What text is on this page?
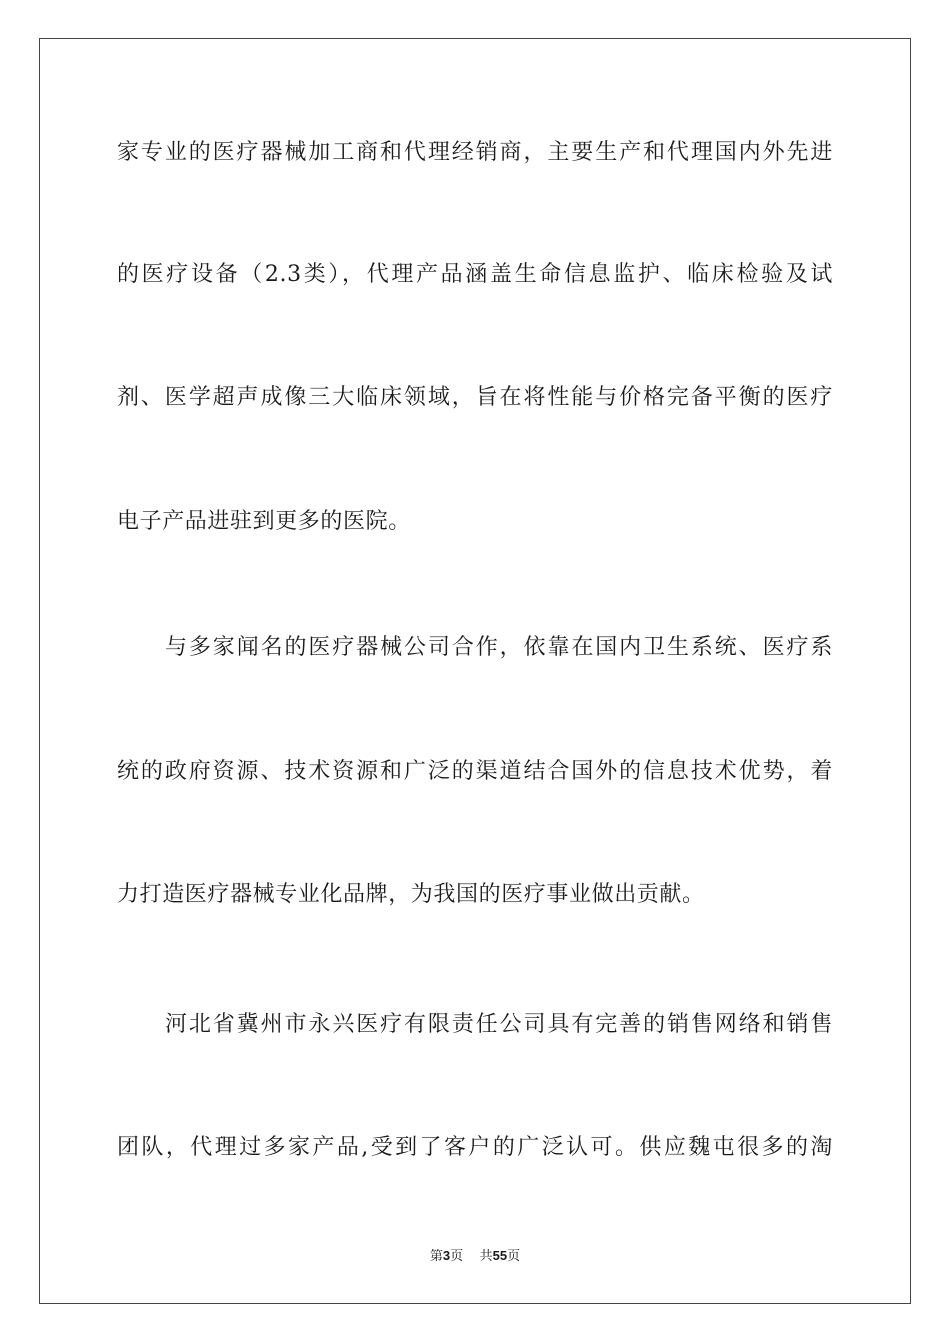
家专业的医疗器械加工商和代理经销商，主要生产和代理国内外先进
的医疗设备（2.3类），代理产品涵盖生命信息监护、临床检验及试
剂、医学超声成像三大临床领域，旨在将性能与价格完备平衡的医疗
电子产品进驻到更多的医院。
与多家闻名的医疗器械公司合作，依靠在国内卫生系统、医疗系
统的政府资源、技术资源和广泛的渠道结合国外的信息技术优势，着
力打造医疗器械专业化品牌，为我国的医疗事业做出贡献。
河北省冀州市永兴医疗有限责任公司具有完善的销售网络和销售
团队，代理过多家产品,受到了客户的广泛认可。供应魏屯很多的淘
第3页 共55页
